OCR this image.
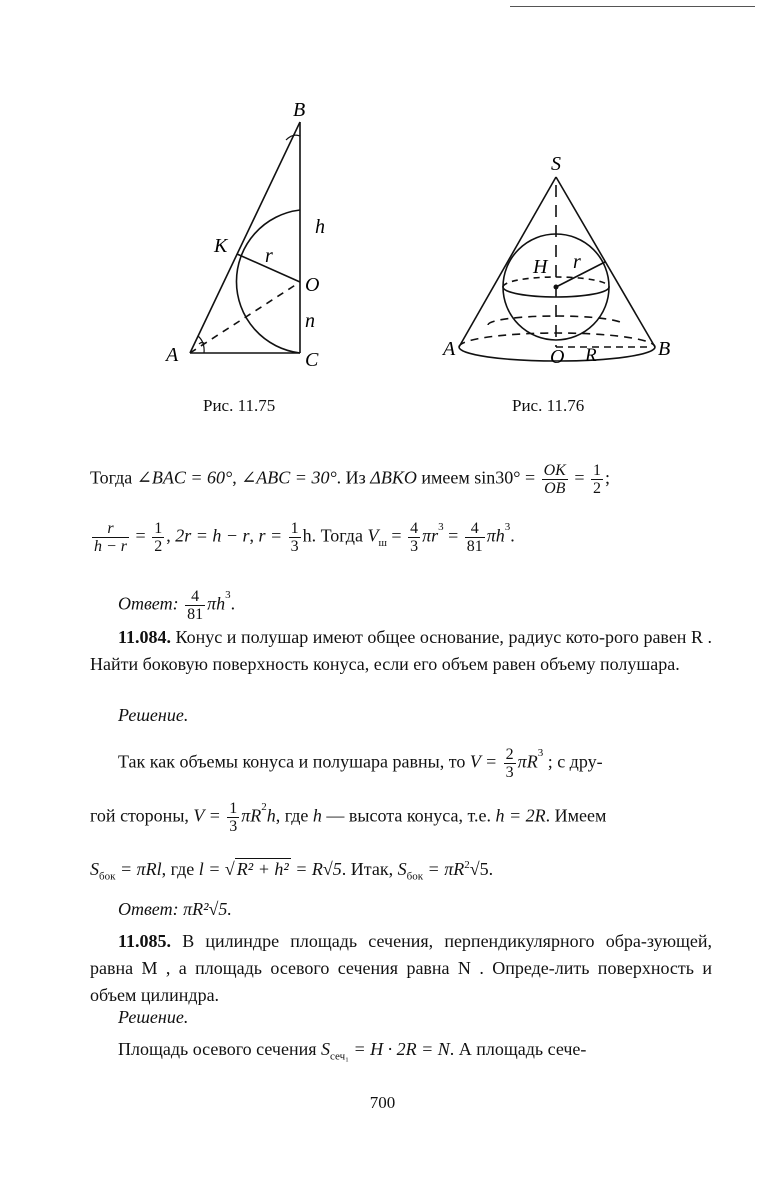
B
K r
h
O
n
A	C
S
H r
A	O R	B
Рис. 11.75	Рис. 11.76
Тогда ∠BAC = 60°, ∠ABC = 30°. Из ΔBKO имеем $\sin 30^\circ = \frac{OK}{OB} = \frac{1}{2}$ ;
$\frac{r}{h - r} = \frac{1}{2}$ , 2r = h − r, $r = \frac{1}{3} h$. Тогда $V_ш = \frac{4}{3} \pi r^3 = \frac{4}{81} \pi h^3$.
Ответ: $\frac{4}{81} \pi h^3$.
11.084. Конус и полушар имеют общее основание, радиус кото-рого равен R . Найти боковую поверхность конуса, если его объем равен объему полушара.
Решение.
Так как объемы конуса и полушара равны, то $V = \frac{2}{3} \pi R^3$ ; с дру-
гой стороны, $V = \frac{1}{3} \pi R^2h$, где h — высота конуса, т.е. h = 2R. Имеем
$S_{бок} = \pi Rl$, где l = √ R² + h² = R√5. Итак, $S_{бок} = \pi R^2√5$.
Ответ: πR²√5.
11.085. В цилиндре площадь сечения, перпендикулярного обра-зующей, равна M , а площадь осевого сечения равна N . Опреде-лить поверхность и объем цилиндра.
Решение.
Площадь осевого сечения $S_{сеч_1} = H \cdot 2R = N$. А площадь сече-
700
